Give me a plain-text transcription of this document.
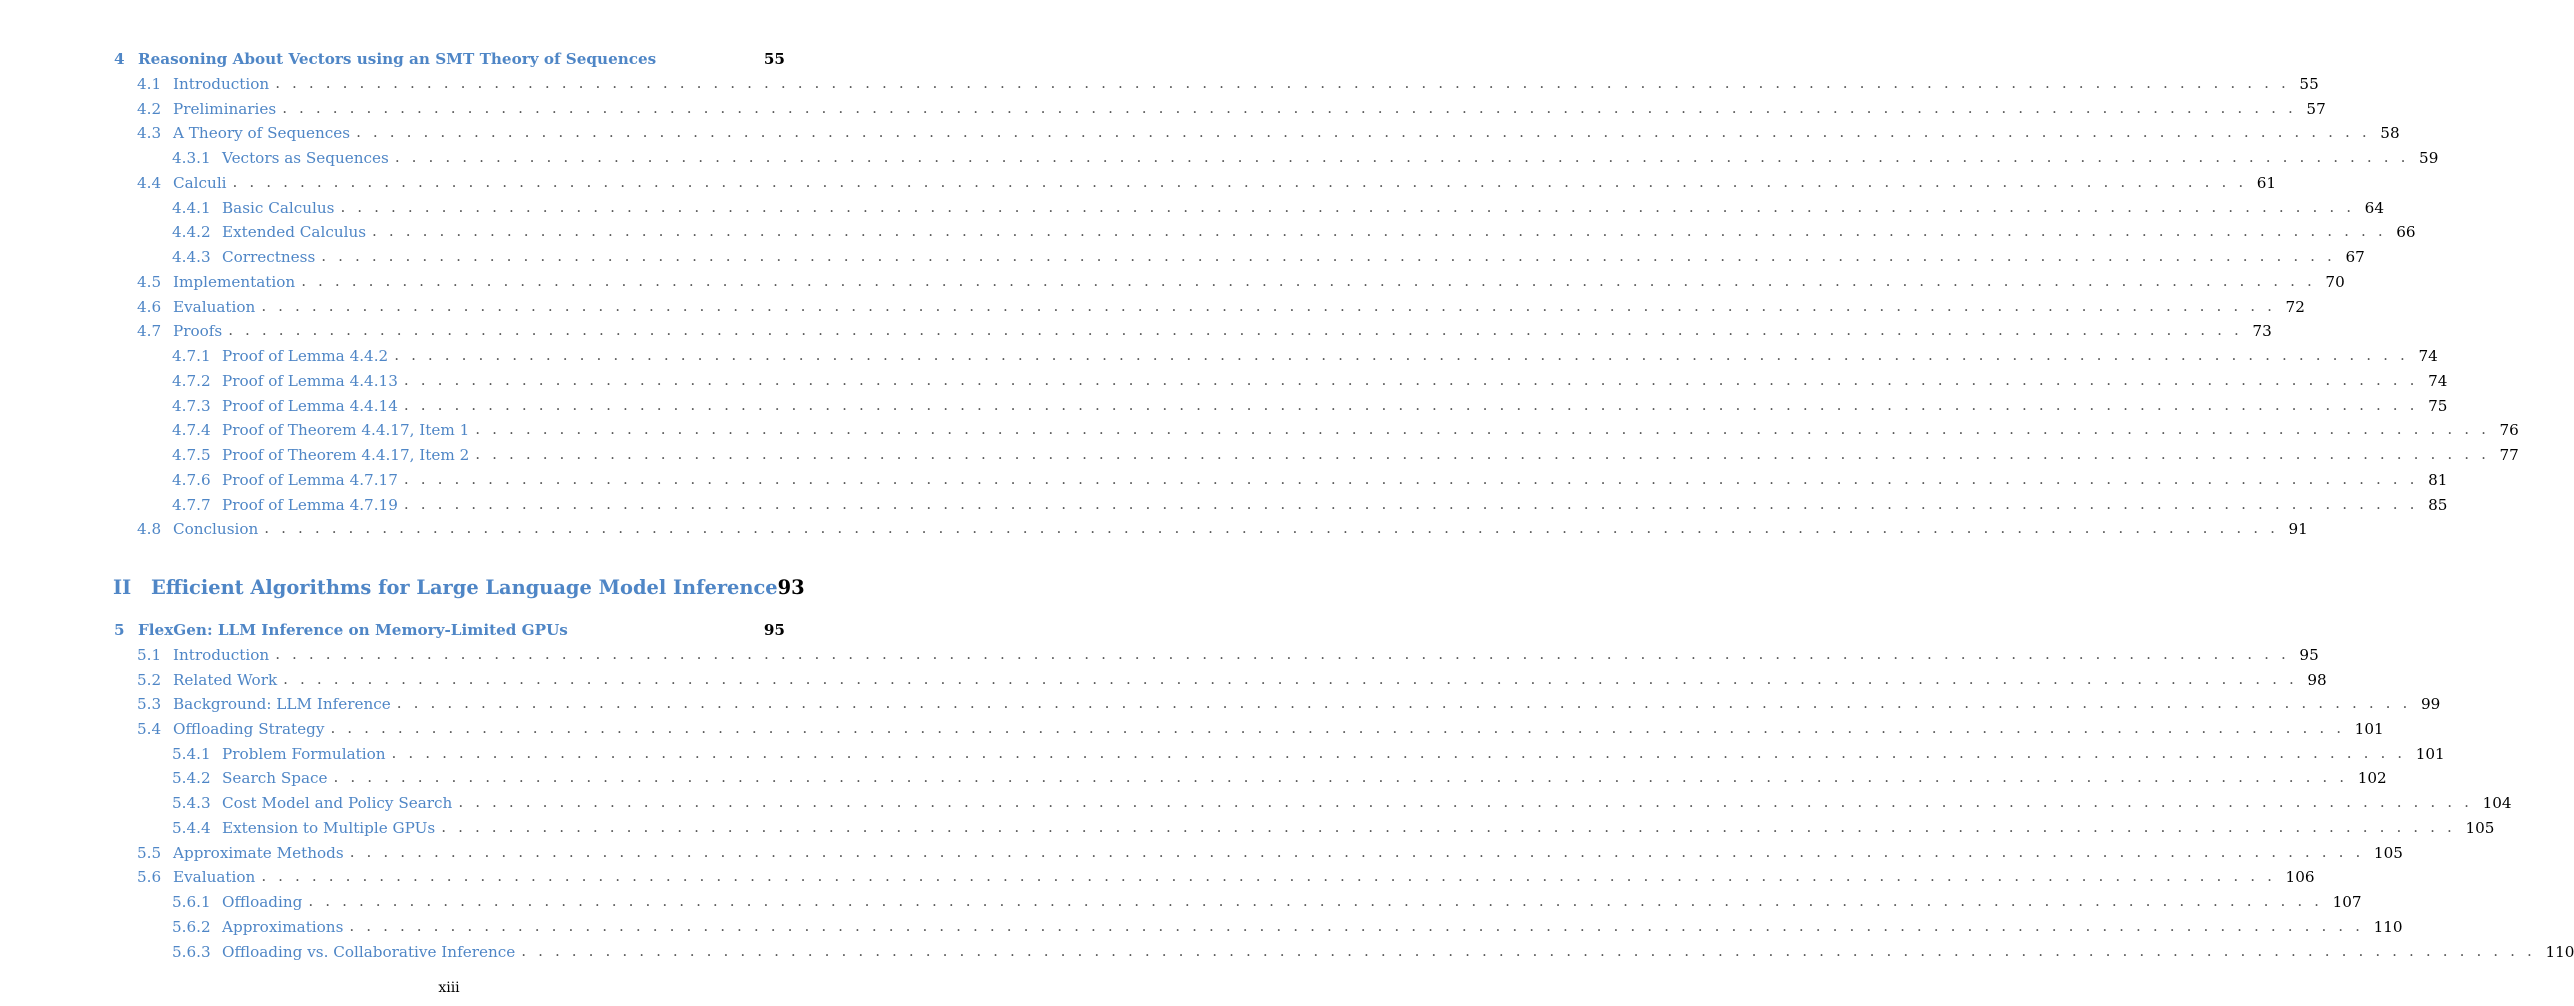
4 Reasoning About Vectors using an SMT Theory of Sequences	55
4.1 Introduction . . . . . . . . . . . . . . . . . . . . . . . . . . . . . . . . . . . . . . . . . . . . . . . . . . . . . . . . . . . . . . . . . . . . . . . . . . . . . . . . . . . . . . . . . . . . . . . . . . . . . . . . . . . . . . . . . . . . . . . . 55
4.2 Preliminaries . . . . . . . . . . . . . . . . . . . . . . . . . . . . . . . . . . . . . . . . . . . . . . . . . . . . . . . . . . . . . . . . . . . . . . . . . . . . . . . . . . . . . . . . . . . . . . . . . . . . . . . . . . . . . . . . . . . . . . . . 57
4.3 A Theory of Sequences . . . . . . . . . . . . . . . . . . . . . . . . . . . . . . . . . . . . . . . . . . . . . . . . . . . . . . . . . . . . . . . . . . . . . . . . . . . . . . . . . . . . . . . . . . . . . . . . . . . . . . . . . . . . . . . . . . . . . . . . 58
4.3.1 Vectors as Sequences . . . . . . . . . . . . . . . . . . . . . . . . . . . . . . . . . . . . . . . . . . . . . . . . . . . . . . . . . . . . . . . . . . . . . . . . . . . . . . . . . . . . . . . . . . . . . . . . . . . . . . . . . . . . . . . . . . . . . . . . 59
4.4 Calculi . . . . . . . . . . . . . . . . . . . . . . . . . . . . . . . . . . . . . . . . . . . . . . . . . . . . . . . . . . . . . . . . . . . . . . . . . . . . . . . . . . . . . . . . . . . . . . . . . . . . . . . . . . . . . . . . . . . . . . . . 61
4.4.1 Basic Calculus . . . . . . . . . . . . . . . . . . . . . . . . . . . . . . . . . . . . . . . . . . . . . . . . . . . . . . . . . . . . . . . . . . . . . . . . . . . . . . . . . . . . . . . . . . . . . . . . . . . . . . . . . . . . . . . . . . . . . . . . 64
4.4.2 Extended Calculus . . . . . . . . . . . . . . . . . . . . . . . . . . . . . . . . . . . . . . . . . . . . . . . . . . . . . . . . . . . . . . . . . . . . . . . . . . . . . . . . . . . . . . . . . . . . . . . . . . . . . . . . . . . . . . . . . . . . . . . . 66
4.4.3 Correctness . . . . . . . . . . . . . . . . . . . . . . . . . . . . . . . . . . . . . . . . . . . . . . . . . . . . . . . . . . . . . . . . . . . . . . . . . . . . . . . . . . . . . . . . . . . . . . . . . . . . . . . . . . . . . . . . . . . . . . . . 67
4.5 Implementation . . . . . . . . . . . . . . . . . . . . . . . . . . . . . . . . . . . . . . . . . . . . . . . . . . . . . . . . . . . . . . . . . . . . . . . . . . . . . . . . . . . . . . . . . . . . . . . . . . . . . . . . . . . . . . . . . . . . . . . . 70
4.6 Evaluation . . . . . . . . . . . . . . . . . . . . . . . . . . . . . . . . . . . . . . . . . . . . . . . . . . . . . . . . . . . . . . . . . . . . . . . . . . . . . . . . . . . . . . . . . . . . . . . . . . . . . . . . . . . . . . . . . . . . . . . . 72
4.7 Proofs . . . . . . . . . . . . . . . . . . . . . . . . . . . . . . . . . . . . . . . . . . . . . . . . . . . . . . . . . . . . . . . . . . . . . . . . . . . . . . . . . . . . . . . . . . . . . . . . . . . . . . . . . . . . . . . . . . . . . . . . 73
4.7.1 Proof of Lemma 4.4.2 . . . . . . . . . . . . . . . . . . . . . . . . . . . . . . . . . . . . . . . . . . . . . . . . . . . . . . . . . . . . . . . . . . . . . . . . . . . . . . . . . . . . . . . . . . . . . . . . . . . . . . . . . . . . . . . . . . . . . . . . 74
4.7.2 Proof of Lemma 4.4.13 . . . . . . . . . . . . . . . . . . . . . . . . . . . . . . . . . . . . . . . . . . . . . . . . . . . . . . . . . . . . . . . . . . . . . . . . . . . . . . . . . . . . . . . . . . . . . . . . . . . . . . . . . . . . . . . . . . . . . . . . 74
4.7.3 Proof of Lemma 4.4.14 . . . . . . . . . . . . . . . . . . . . . . . . . . . . . . . . . . . . . . . . . . . . . . . . . . . . . . . . . . . . . . . . . . . . . . . . . . . . . . . . . . . . . . . . . . . . . . . . . . . . . . . . . . . . . . . . . . . . . . . . 75
4.7.4 Proof of Theorem 4.4.17, Item 1 . . . . . . . . . . . . . . . . . . . . . . . . . . . . . . . . . . . . . . . . . . . . . . . . . . . . . . . . . . . . . . . . . . . . . . . . . . . . . . . . . . . . . . . . . . . . . . . . . . . . . . . . . . . . . . . . . . . . . . . . 76
4.7.5 Proof of Theorem 4.4.17, Item 2 . . . . . . . . . . . . . . . . . . . . . . . . . . . . . . . . . . . . . . . . . . . . . . . . . . . . . . . . . . . . . . . . . . . . . . . . . . . . . . . . . . . . . . . . . . . . . . . . . . . . . . . . . . . . . . . . . . . . . . . . 77
4.7.6 Proof of Lemma 4.7.17 . . . . . . . . . . . . . . . . . . . . . . . . . . . . . . . . . . . . . . . . . . . . . . . . . . . . . . . . . . . . . . . . . . . . . . . . . . . . . . . . . . . . . . . . . . . . . . . . . . . . . . . . . . . . . . . . . . . . . . . . 81
4.7.7 Proof of Lemma 4.7.19 . . . . . . . . . . . . . . . . . . . . . . . . . . . . . . . . . . . . . . . . . . . . . . . . . . . . . . . . . . . . . . . . . . . . . . . . . . . . . . . . . . . . . . . . . . . . . . . . . . . . . . . . . . . . . . . . . . . . . . . . 85
4.8 Conclusion . . . . . . . . . . . . . . . . . . . . . . . . . . . . . . . . . . . . . . . . . . . . . . . . . . . . . . . . . . . . . . . . . . . . . . . . . . . . . . . . . . . . . . . . . . . . . . . . . . . . . . . . . . . . . . . . . . . . . . . . 91
II	Efficient Algorithms for Large Language Model Inference 93
5 FlexGen: LLM Inference on Memory-Limited GPUs	95
5.1 Introduction . . . . . . . . . . . . . . . . . . . . . . . . . . . . . . . . . . . . . . . . . . . . . . . . . . . . . . . . . . . . . . . . . . . . . . . . . . . . . . . . . . . . . . . . . . . . . . . . . . . . . . . . . . . . . . . . . . . . . . . . 95
5.2 Related Work . . . . . . . . . . . . . . . . . . . . . . . . . . . . . . . . . . . . . . . . . . . . . . . . . . . . . . . . . . . . . . . . . . . . . . . . . . . . . . . . . . . . . . . . . . . . . . . . . . . . . . . . . . . . . . . . . . . . . . . . 98
5.3 Background: LLM Inference . . . . . . . . . . . . . . . . . . . . . . . . . . . . . . . . . . . . . . . . . . . . . . . . . . . . . . . . . . . . . . . . . . . . . . . . . . . . . . . . . . . . . . . . . . . . . . . . . . . . . . . . . . . . . . . . . . . . . . . . 99
5.4 Offloading Strategy . . . . . . . . . . . . . . . . . . . . . . . . . . . . . . . . . . . . . . . . . . . . . . . . . . . . . . . . . . . . . . . . . . . . . . . . . . . . . . . . . . . . . . . . . . . . . . . . . . . . . . . . . . . . . . . . . . . . . . . . 101
5.4.1 Problem Formulation . . . . . . . . . . . . . . . . . . . . . . . . . . . . . . . . . . . . . . . . . . . . . . . . . . . . . . . . . . . . . . . . . . . . . . . . . . . . . . . . . . . . . . . . . . . . . . . . . . . . . . . . . . . . . . . . . . . . . . . . 101
5.4.2 Search Space . . . . . . . . . . . . . . . . . . . . . . . . . . . . . . . . . . . . . . . . . . . . . . . . . . . . . . . . . . . . . . . . . . . . . . . . . . . . . . . . . . . . . . . . . . . . . . . . . . . . . . . . . . . . . . . . . . . . . . . . 102
5.4.3 Cost Model and Policy Search . . . . . . . . . . . . . . . . . . . . . . . . . . . . . . . . . . . . . . . . . . . . . . . . . . . . . . . . . . . . . . . . . . . . . . . . . . . . . . . . . . . . . . . . . . . . . . . . . . . . . . . . . . . . . . . . . . . . . . . . 104
5.4.4 Extension to Multiple GPUs . . . . . . . . . . . . . . . . . . . . . . . . . . . . . . . . . . . . . . . . . . . . . . . . . . . . . . . . . . . . . . . . . . . . . . . . . . . . . . . . . . . . . . . . . . . . . . . . . . . . . . . . . . . . . . . . . . . . . . . . 105
5.5 Approximate Methods . . . . . . . . . . . . . . . . . . . . . . . . . . . . . . . . . . . . . . . . . . . . . . . . . . . . . . . . . . . . . . . . . . . . . . . . . . . . . . . . . . . . . . . . . . . . . . . . . . . . . . . . . . . . . . . . . . . . . . . . 105
5.6 Evaluation . . . . . . . . . . . . . . . . . . . . . . . . . . . . . . . . . . . . . . . . . . . . . . . . . . . . . . . . . . . . . . . . . . . . . . . . . . . . . . . . . . . . . . . . . . . . . . . . . . . . . . . . . . . . . . . . . . . . . . . . 106
5.6.1 Offloading . . . . . . . . . . . . . . . . . . . . . . . . . . . . . . . . . . . . . . . . . . . . . . . . . . . . . . . . . . . . . . . . . . . . . . . . . . . . . . . . . . . . . . . . . . . . . . . . . . . . . . . . . . . . . . . . . . . . . . . . 107
5.6.2 Approximations . . . . . . . . . . . . . . . . . . . . . . . . . . . . . . . . . . . . . . . . . . . . . . . . . . . . . . . . . . . . . . . . . . . . . . . . . . . . . . . . . . . . . . . . . . . . . . . . . . . . . . . . . . . . . . . . . . . . . . . . 110
5.6.3 Offloading vs. Collaborative Inference . . . . . . . . . . . . . . . . . . . . . . . . . . . . . . . . . . . . . . . . . . . . . . . . . . . . . . . . . . . . . . . . . . . . . . . . . . . . . . . . . . . . . . . . . . . . . . . . . . . . . . . . . . . . . . . . . . . . . . . . 110
xiii
